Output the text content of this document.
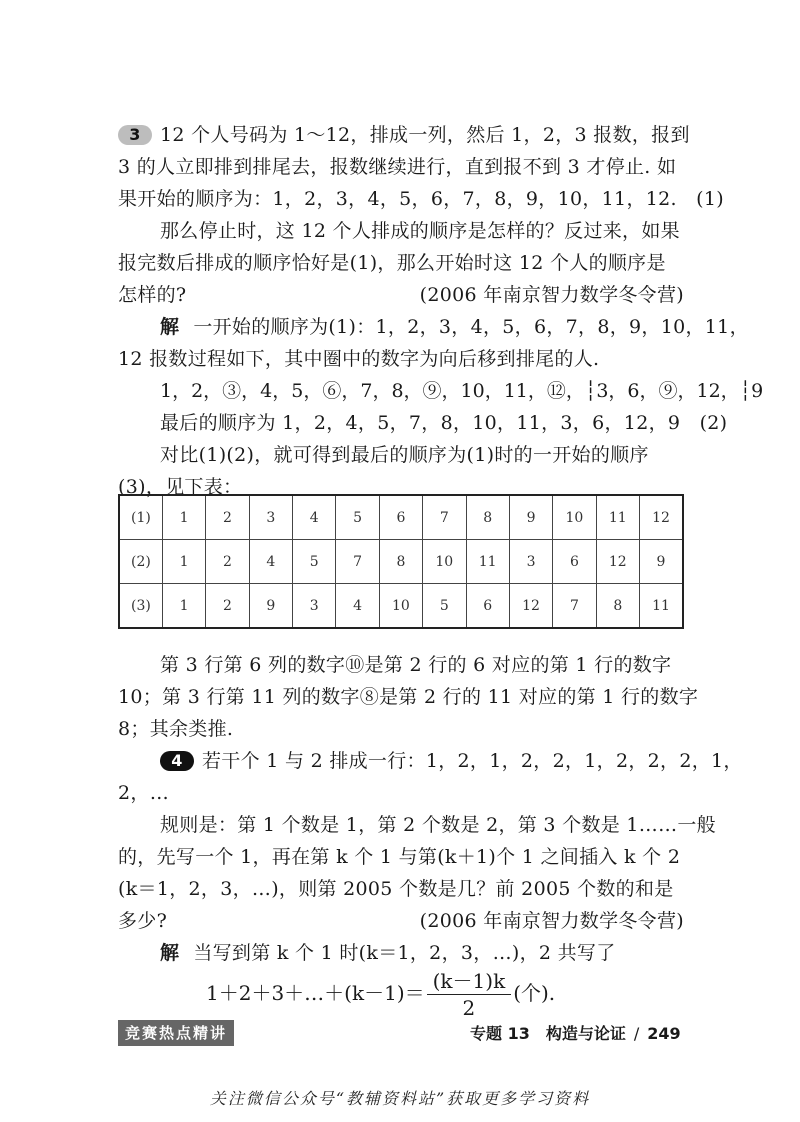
3 12 个人号码为 1～12，排成一列，然后 1，2，3 报数，报到
3 的人立即排到排尾去，报数继续进行，直到报不到 3 才停止. 如
果开始的顺序为：1，2，3，4，5，6，7，8，9，10，11，12.　(1)
那么停止时，这 12 个人排成的顺序是怎样的？反过来，如果
报完数后排成的顺序恰好是(1)，那么开始时这 12 个人的顺序是
怎样的?	(2006 年南京智力数学冬令营)
解 一开始的顺序为(1)：1，2，3，4，5，6，7，8，9，10，11，
12 报数过程如下，其中圈中的数字为向后移到排尾的人.
1，2，③，4，5，⑥，7，8，⑨，10，11，⑫，┆3，6，⑨，12，┆9
最后的顺序为 1，2，4，5，7，8，10，11，3，6，12，9　(2)
对比(1)(2)，就可得到最后的顺序为(1)时的一开始的顺序
(3)，见下表：
(1)	1	2	3	4	5	6	7	8	9	10	11	12
(2)	1	2	4	5	7	8	10	11	3	6	12	9
(3)	1	2	9	3	4	10	5	6	12	7	8	11
第 3 行第 6 列的数字⑩是第 2 行的 6 对应的第 1 行的数字
10；第 3 行第 11 列的数字⑧是第 2 行的 11 对应的第 1 行的数字
8；其余类推.
4 若干个 1 与 2 排成一行：1，2，1，2，2，1，2，2，2，1，
2，…
规则是：第 1 个数是 1，第 2 个数是 2，第 3 个数是 1……一般
的，先写一个 1，再在第 k 个 1 与第(k＋1)个 1 之间插入 k 个 2
(k＝1，2，3，…)，则第 2005 个数是几？前 2005 个数的和是
多少?	(2006 年南京智力数学冬令营)
解 当写到第 k 个 1 时(k＝1，2，3，…)，2 共写了
1＋2＋3＋…＋(k－1)＝ $\frac{(k-1)k}{2}$ (个).
竞赛热点精讲	专题 13　构造与论证 / 249
关注微信公众号“教辅资料站”获取更多学习资料
